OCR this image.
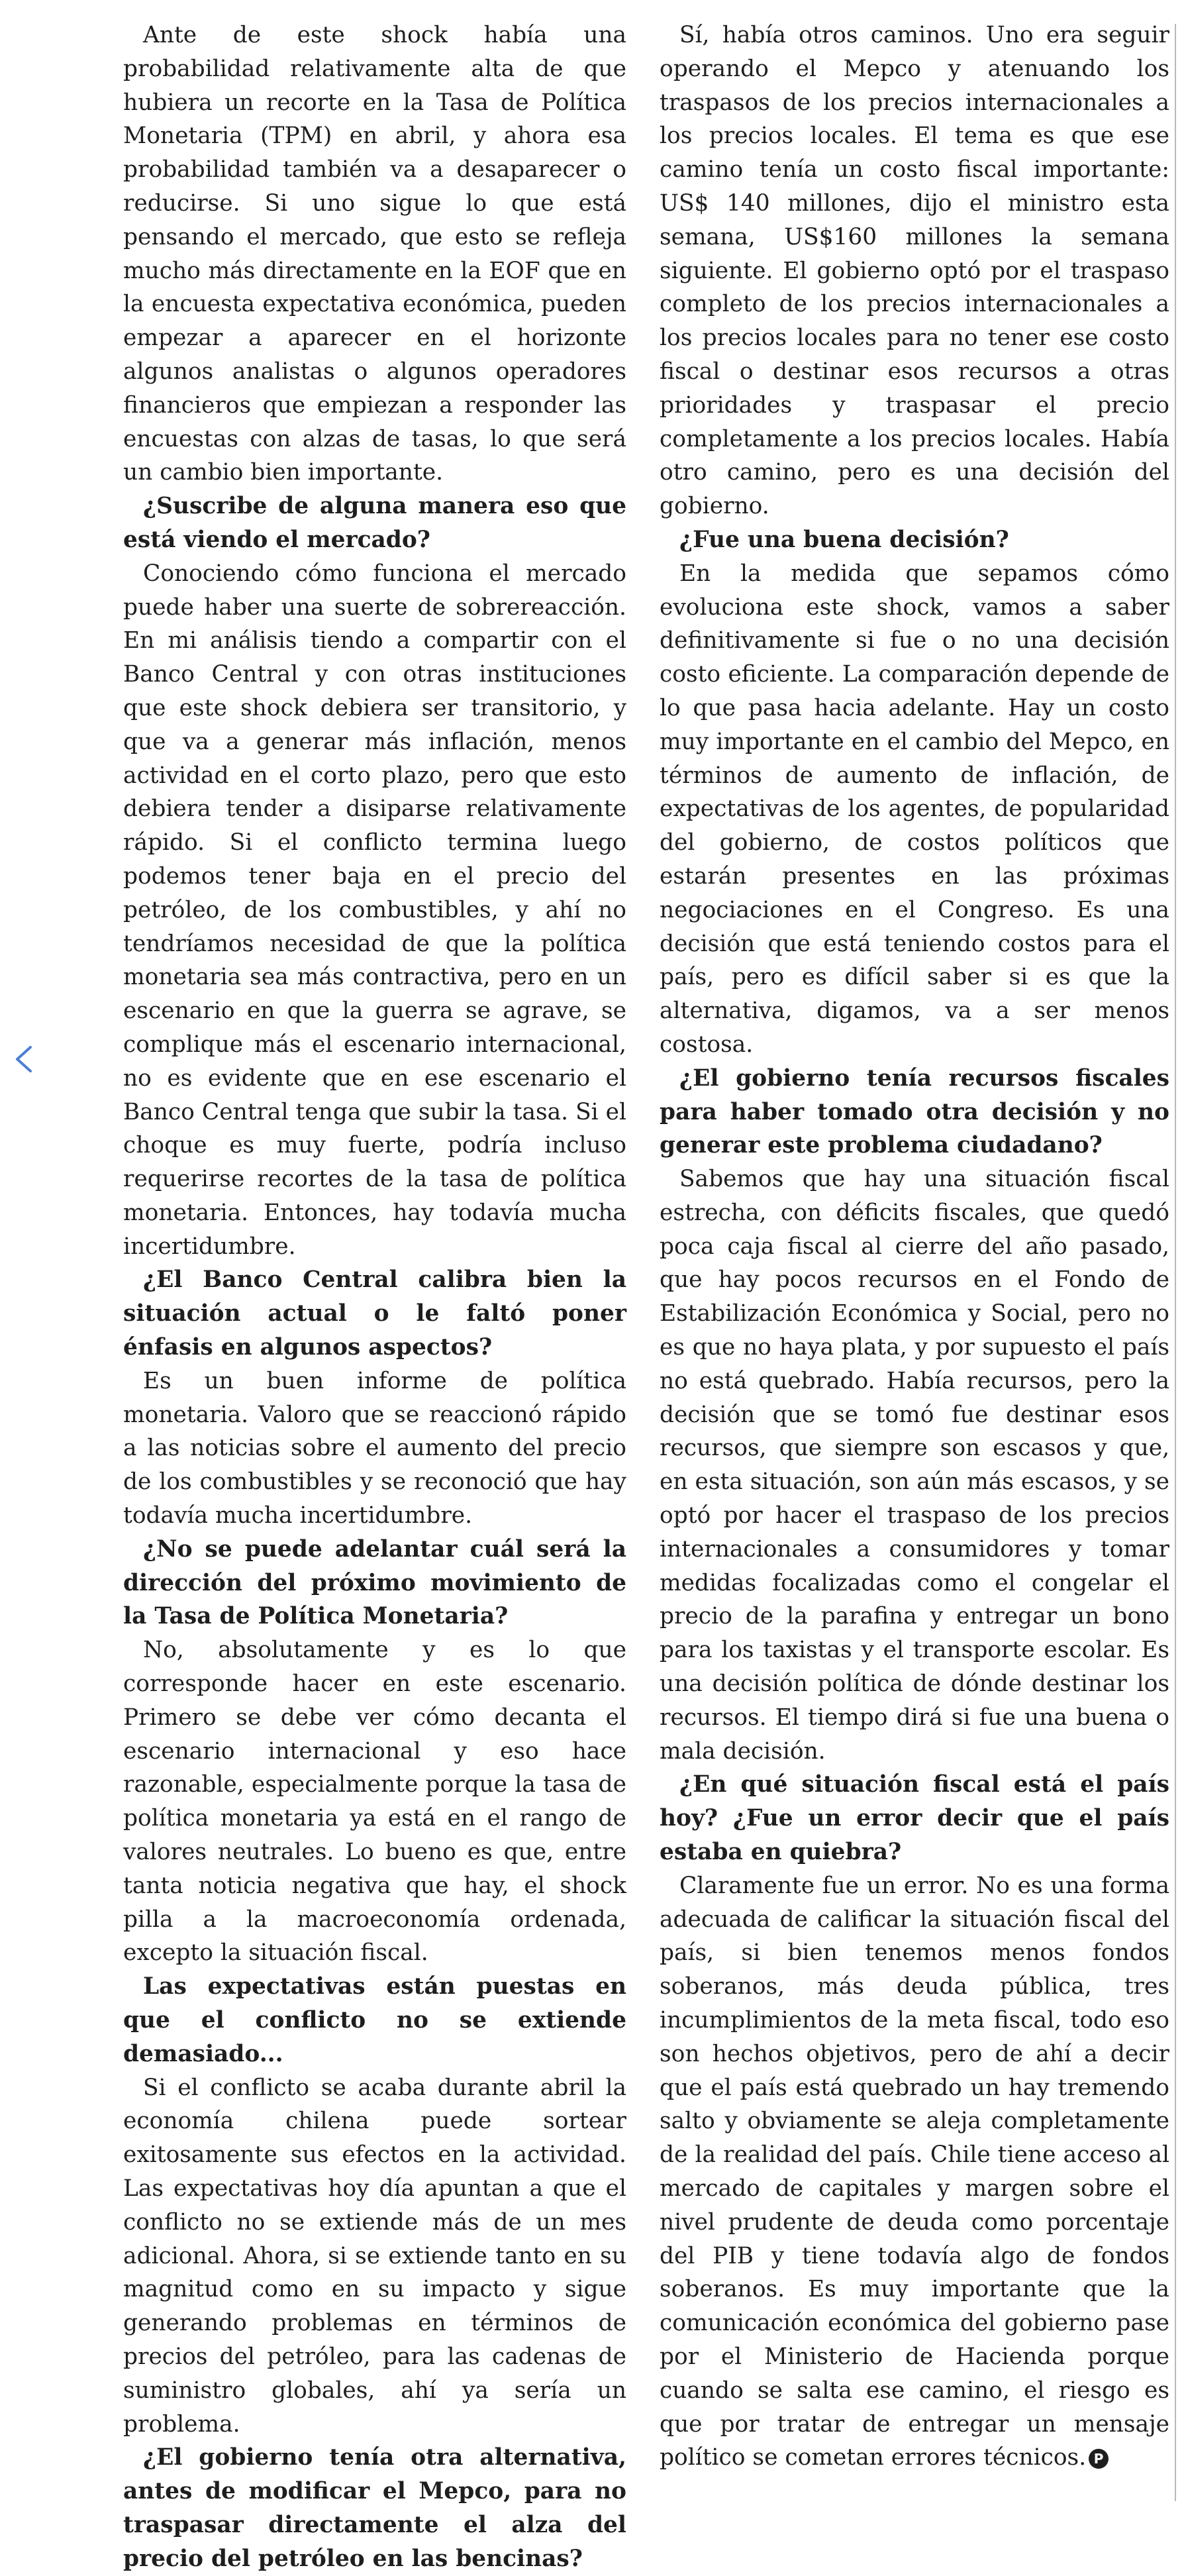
Ante de este shock había una probabilidad relativamente alta de que hubiera un recorte en la Tasa de Política Monetaria (TPM) en abril, y ahora esa probabilidad también va a desaparecer o reducirse. Si uno sigue lo que está pensando el mercado, que esto se refleja mucho más directamente en la EOF que en la encuesta expectativa económica, pueden empezar a aparecer en el horizonte algunos analistas o algunos operadores financieros que empiezan a responder las encuestas con alzas de tasas, lo que será un cambio bien importante.

¿Suscribe de alguna manera eso que está viendo el mercado?

Conociendo cómo funciona el mercado puede haber una suerte de sobrereacción. En mi análisis tiendo a compartir con el Banco Central y con otras instituciones que este shock debiera ser transitorio, y que va a generar más inflación, menos actividad en el corto plazo, pero que esto debiera tender a disiparse relativamente rápido. Si el conflicto termina luego podemos tener baja en el precio del petróleo, de los combustibles, y ahí no tendríamos necesidad de que la política monetaria sea más contractiva, pero en un escenario en que la guerra se agrave, se complique más el escenario internacional, no es evidente que en ese escenario el Banco Central tenga que subir la tasa. Si el choque es muy fuerte, podría incluso requerirse recortes de la tasa de política monetaria. Entonces, hay todavía mucha incertidumbre.

¿El Banco Central calibra bien la situación actual o le faltó poner énfasis en algunos aspectos?

Es un buen informe de política monetaria. Valoro que se reaccionó rápido a las noticias sobre el aumento del precio de los combustibles y se reconoció que hay todavía mucha incertidumbre.

¿No se puede adelantar cuál será la dirección del próximo movimiento de la Tasa de Política Monetaria?

No, absolutamente y es lo que corresponde hacer en este escenario. Primero se debe ver cómo decanta el escenario internacional y eso hace razonable, especialmente porque la tasa de política monetaria ya está en el rango de valores neutrales. Lo bueno es que, entre tanta noticia negativa que hay, el shock pilla a la macroeconomía ordenada, excepto la situación fiscal.

Las expectativas están puestas en que el conflicto no se extiende demasiado...

Si el conflicto se acaba durante abril la economía chilena puede sortear exitosamente sus efectos en la actividad. Las expectativas hoy día apuntan a que el conflicto no se extiende más de un mes adicional. Ahora, si se extiende tanto en su magnitud como en su impacto y sigue generando problemas en términos de precios del petróleo, para las cadenas de suministro globales, ahí ya sería un problema.

¿El gobierno tenía otra alternativa, antes de modificar el Mepco, para no traspasar directamente el alza del precio del petróleo en las bencinas?

Sí, había otros caminos. Uno era seguir operando el Mepco y atenuando los traspasos de los precios internacionales a los precios locales. El tema es que ese camino tenía un costo fiscal importante: US$ 140 millones, dijo el ministro esta semana, US$160 millones la semana siguiente. El gobierno optó por el traspaso completo de los precios internacionales a los precios locales para no tener ese costo fiscal o destinar esos recursos a otras prioridades y traspasar el precio completamente a los precios locales. Había otro camino, pero es una decisión del gobierno.

¿Fue una buena decisión?

En la medida que sepamos cómo evoluciona este shock, vamos a saber definitivamente si fue o no una decisión costo eficiente. La comparación depende de lo que pasa hacia adelante. Hay un costo muy importante en el cambio del Mepco, en términos de aumento de inflación, de expectativas de los agentes, de popularidad del gobierno, de costos políticos que estarán presentes en las próximas negociaciones en el Congreso. Es una decisión que está teniendo costos para el país, pero es difícil saber si es que la alternativa, digamos, va a ser menos costosa.

¿El gobierno tenía recursos fiscales para haber tomado otra decisión y no generar este problema ciudadano?

Sabemos que hay una situación fiscal estrecha, con déficits fiscales, que quedó poca caja fiscal al cierre del año pasado, que hay pocos recursos en el Fondo de Estabilización Económica y Social, pero no es que no haya plata, y por supuesto el país no está quebrado. Había recursos, pero la decisión que se tomó fue destinar esos recursos, que siempre son escasos y que, en esta situación, son aún más escasos, y se optó por hacer el traspaso de los precios internacionales a consumidores y tomar medidas focalizadas como el congelar el precio de la parafina y entregar un bono para los taxistas y el transporte escolar. Es una decisión política de dónde destinar los recursos. El tiempo dirá si fue una buena o mala decisión.

¿En qué situación fiscal está el país hoy? ¿Fue un error decir que el país estaba en quiebra?

Claramente fue un error. No es una forma adecuada de calificar la situación fiscal del país, si bien tenemos menos fondos soberanos, más deuda pública, tres incumplimientos de la meta fiscal, todo eso son hechos objetivos, pero de ahí a decir que el país está quebrado un hay tremendo salto y obviamente se aleja completamente de la realidad del país. Chile tiene acceso al mercado de capitales y margen sobre el nivel prudente de deuda como porcentaje del PIB y tiene todavía algo de fondos soberanos. Es muy importante que la comunicación económica del gobierno pase por el Ministerio de Hacienda porque cuando se salta ese camino, el riesgo es que por tratar de entregar un mensaje político se cometan errores técnicos. P
